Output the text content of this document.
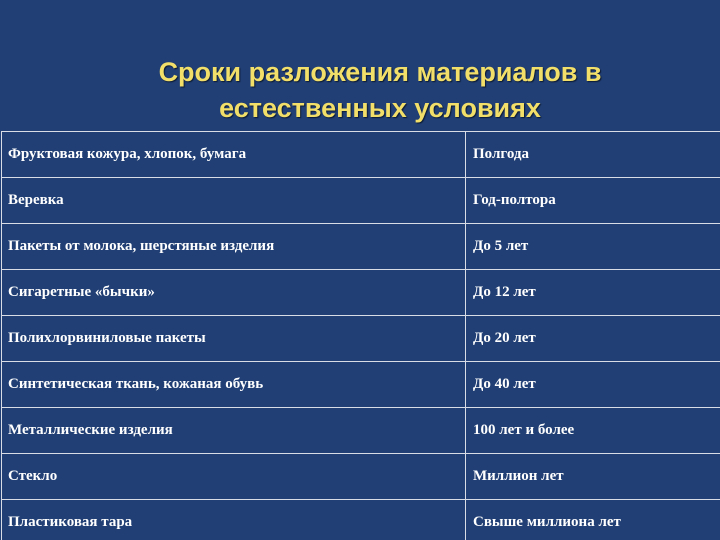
Сроки разложения материалов в
естественных условиях
Фруктовая кожура, хлопок, бумага	Полгода
Веревка	Год-полтора
Пакеты от молока, шерстяные изделия	До 5 лет
Сигаретные «бычки»	До 12 лет
Полихлорвиниловые пакеты	До 20 лет
Синтетическая ткань, кожаная обувь	До 40 лет
Металлические изделия	100 лет и более
Стекло	Миллион лет
Пластиковая тара	Свыше миллиона лет
